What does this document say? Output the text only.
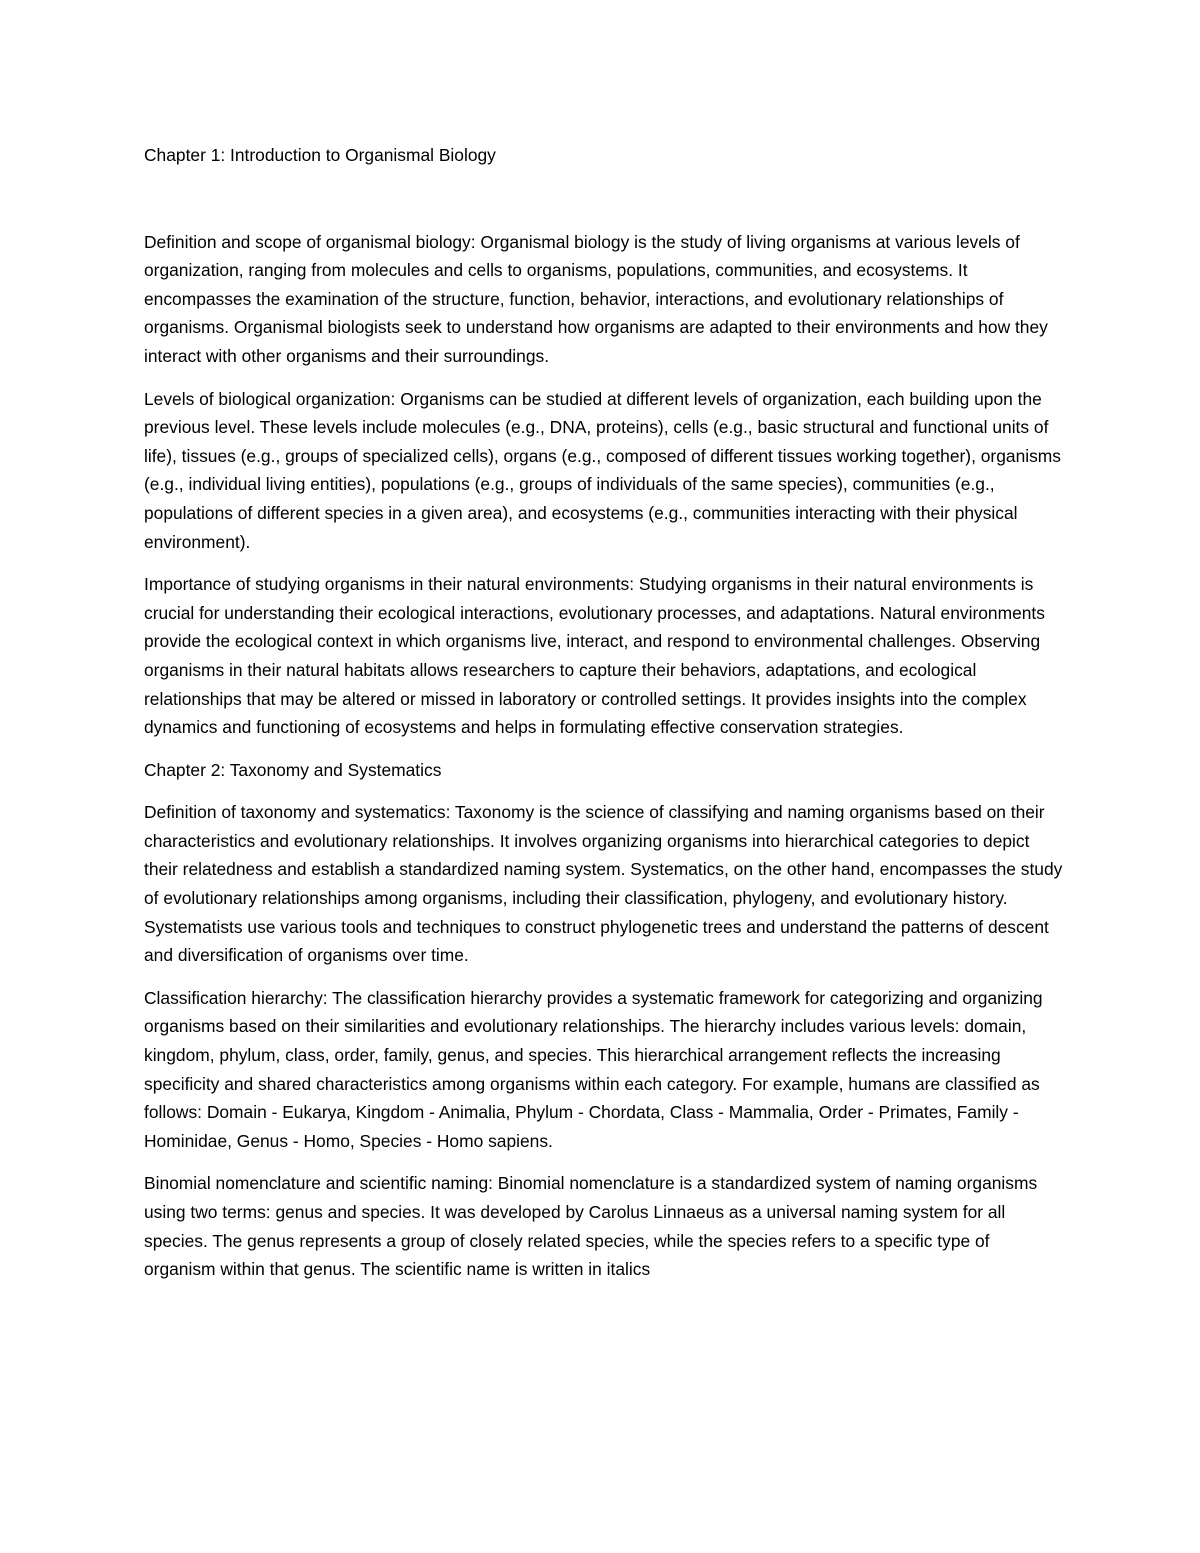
Chapter 1: Introduction to Organismal Biology

Definition and scope of organismal biology: Organismal biology is the study of living organisms at various levels of organization, ranging from molecules and cells to organisms, populations, communities, and ecosystems. It encompasses the examination of the structure, function, behavior, interactions, and evolutionary relationships of organisms. Organismal biologists seek to understand how organisms are adapted to their environments and how they interact with other organisms and their surroundings.

Levels of biological organization: Organisms can be studied at different levels of organization, each building upon the previous level. These levels include molecules (e.g., DNA, proteins), cells (e.g., basic structural and functional units of life), tissues (e.g., groups of specialized cells), organs (e.g., composed of different tissues working together), organisms (e.g., individual living entities), populations (e.g., groups of individuals of the same species), communities (e.g., populations of different species in a given area), and ecosystems (e.g., communities interacting with their physical environment).

Importance of studying organisms in their natural environments: Studying organisms in their natural environments is crucial for understanding their ecological interactions, evolutionary processes, and adaptations. Natural environments provide the ecological context in which organisms live, interact, and respond to environmental challenges. Observing organisms in their natural habitats allows researchers to capture their behaviors, adaptations, and ecological relationships that may be altered or missed in laboratory or controlled settings. It provides insights into the complex dynamics and functioning of ecosystems and helps in formulating effective conservation strategies.

Chapter 2: Taxonomy and Systematics

Definition of taxonomy and systematics: Taxonomy is the science of classifying and naming organisms based on their characteristics and evolutionary relationships. It involves organizing organisms into hierarchical categories to depict their relatedness and establish a standardized naming system. Systematics, on the other hand, encompasses the study of evolutionary relationships among organisms, including their classification, phylogeny, and evolutionary history. Systematists use various tools and techniques to construct phylogenetic trees and understand the patterns of descent and diversification of organisms over time.

Classification hierarchy: The classification hierarchy provides a systematic framework for categorizing and organizing organisms based on their similarities and evolutionary relationships. The hierarchy includes various levels: domain, kingdom, phylum, class, order, family, genus, and species. This hierarchical arrangement reflects the increasing specificity and shared characteristics among organisms within each category. For example, humans are classified as follows: Domain - Eukarya, Kingdom - Animalia, Phylum - Chordata, Class - Mammalia, Order - Primates, Family - Hominidae, Genus - Homo, Species - Homo sapiens.

Binomial nomenclature and scientific naming: Binomial nomenclature is a standardized system of naming organisms using two terms: genus and species. It was developed by Carolus Linnaeus as a universal naming system for all species. The genus represents a group of closely related species, while the species refers to a specific type of organism within that genus. The scientific name is written in italics
